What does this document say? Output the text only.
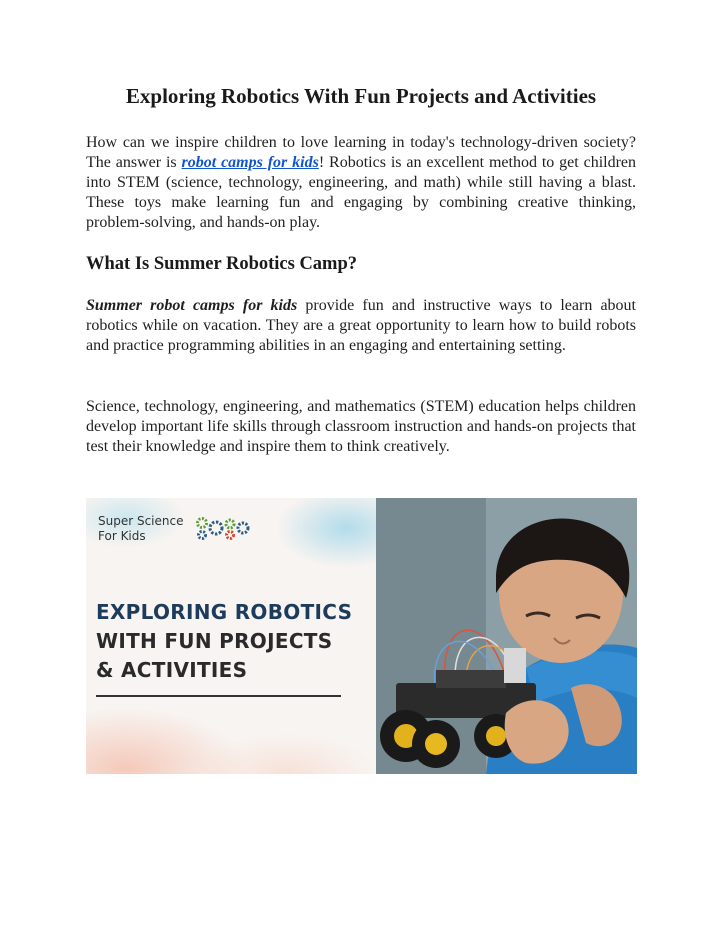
Exploring Robotics With Fun Projects and Activities

How can we inspire children to love learning in today's technology-driven society? The answer is robot camps for kids! Robotics is an excellent method to get children into STEM (science, technology, engineering, and math) while still having a blast. These toys make learning fun and engaging by combining creative thinking, problem-solving, and hands-on play.

What Is Summer Robotics Camp?

Summer robot camps for kids provide fun and instructive ways to learn about robotics while on vacation. They are a great opportunity to learn how to build robots and practice programming abilities in an engaging and entertaining setting.

Science, technology, engineering, and mathematics (STEM) education helps children develop important life skills through classroom instruction and hands-on projects that test their knowledge and inspire them to think creatively.

Super Science
For Kids
EXPLORING ROBOTICS
WITH FUN PROJECTS
& ACTIVITIES
